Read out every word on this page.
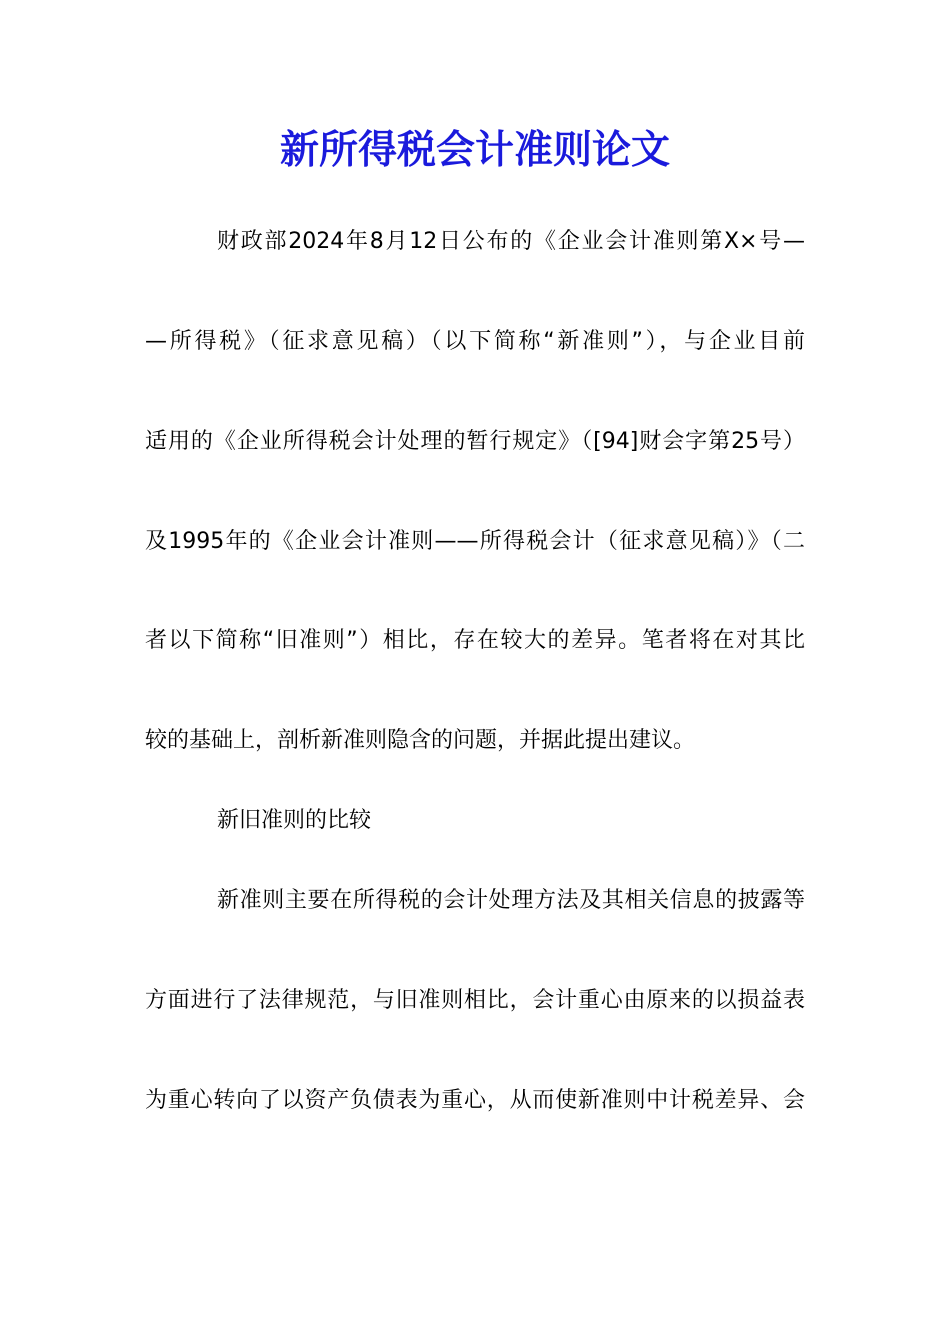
新所得税会计准则论文

财政部2024年8月12日公布的《企业会计准则第X×号—

—所得税》（征求意见稿）（以下简称“新准则”），与企业目前

适用的《企业所得税会计处理的暂行规定》（[94]财会字第25号）

及1995年的《企业会计准则——所得税会计（征求意见稿）》（二

者以下简称“旧准则”）相比，存在较大的差异。笔者将在对其比

较的基础上，剖析新准则隐含的问题，并据此提出建议。

新旧准则的比较

新准则主要在所得税的会计处理方法及其相关信息的披露等

方面进行了法律规范，与旧准则相比，会计重心由原来的以损益表

为重心转向了以资产负债表为重心，从而使新准则中计税差异、会
